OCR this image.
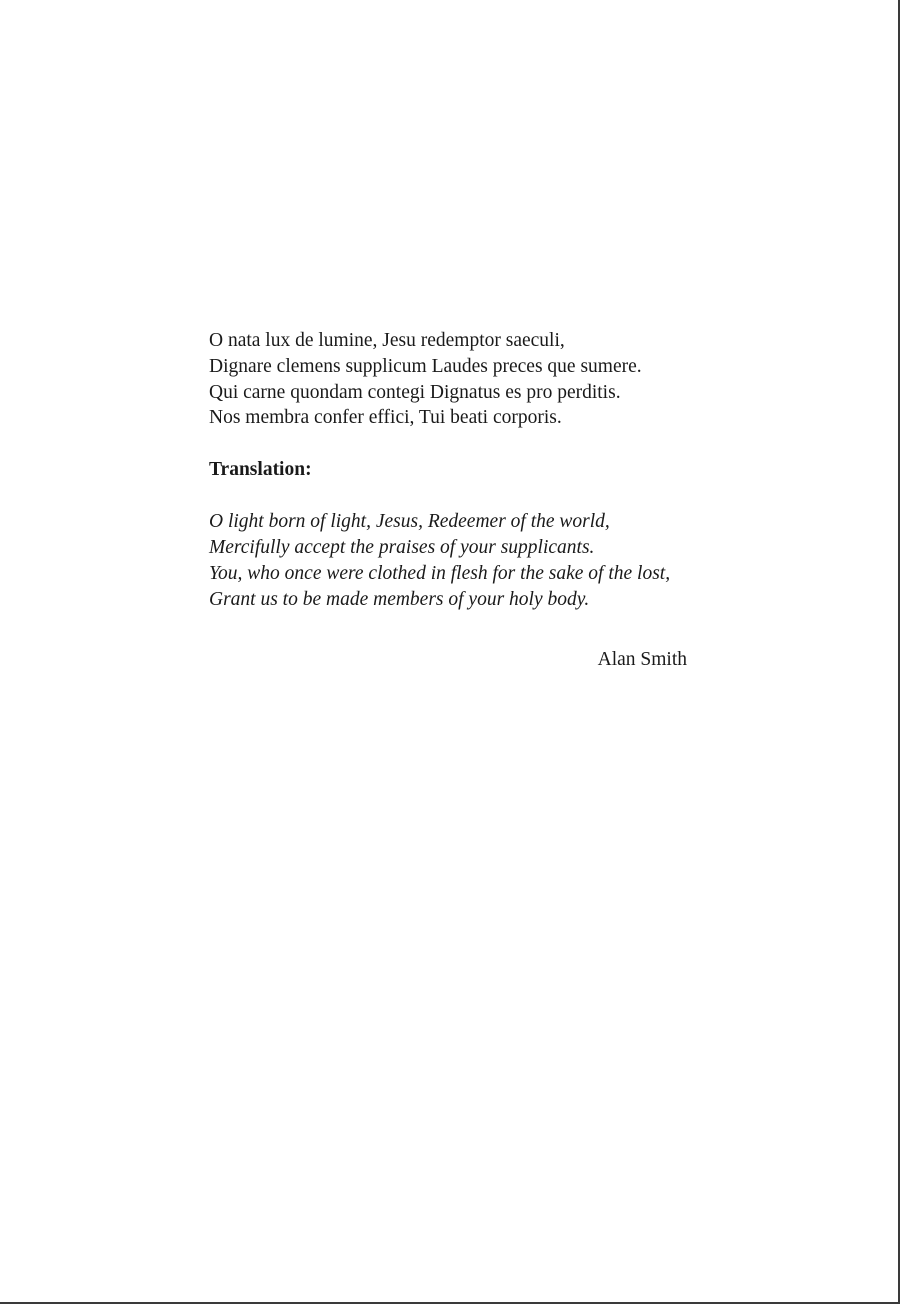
O nata lux de lumine, Jesu redemptor saeculi,
Dignare clemens supplicum Laudes preces que sumere.
Qui carne quondam contegi Dignatus es pro perditis.
Nos membra confer effici, Tui beati corporis.

Translation:

O light born of light, Jesus, Redeemer of the world,
Mercifully accept the praises of your supplicants.
You, who once were clothed in flesh for the sake of the lost,
Grant us to be made members of your holy body.

Alan Smith
